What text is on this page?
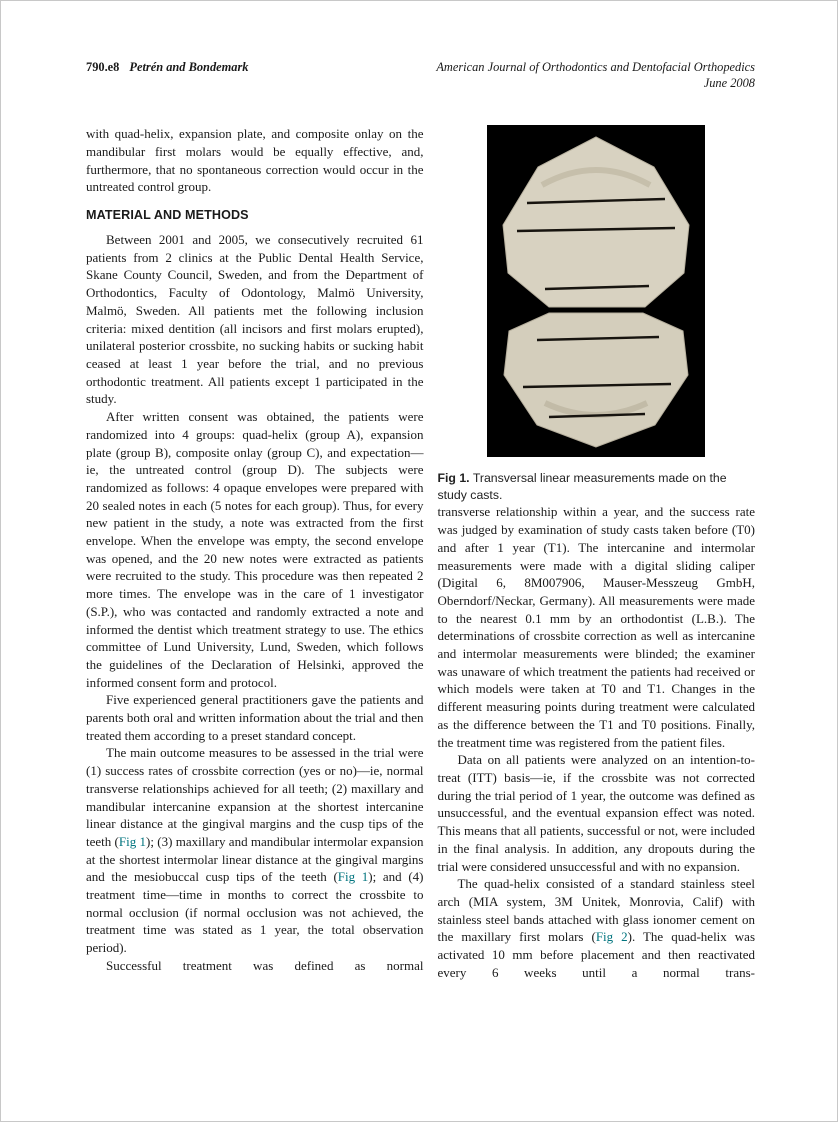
790.e8 Petrén and Bondemark	American Journal of Orthodontics and Dentofacial Orthopedics
June 2008

with quad-helix, expansion plate, and composite onlay on the mandibular first molars would be equally effective, and, furthermore, that no spontaneous correction would occur in the untreated control group.

MATERIAL AND METHODS

Between 2001 and 2005, we consecutively recruited 61 patients from 2 clinics at the Public Dental Health Service, Skane County Council, Sweden, and from the Department of Orthodontics, Faculty of Odontology, Malmö University, Malmö, Sweden. All patients met the following inclusion criteria: mixed dentition (all incisors and first molars erupted), unilateral posterior crossbite, no sucking habits or sucking habit ceased at least 1 year before the trial, and no previous orthodontic treatment. All patients except 1 participated in the study.

After written consent was obtained, the patients were randomized into 4 groups: quad-helix (group A), expansion plate (group B), composite onlay (group C), and expectation—ie, the untreated control (group D). The subjects were randomized as follows: 4 opaque envelopes were prepared with 20 sealed notes in each (5 notes for each group). Thus, for every new patient in the study, a note was extracted from the first envelope. When the envelope was empty, the second envelope was opened, and the 20 new notes were extracted as patients were recruited to the study. This procedure was then repeated 2 more times. The envelope was in the care of 1 investigator (S.P.), who was contacted and randomly extracted a note and informed the dentist which treatment strategy to use. The ethics committee of Lund University, Lund, Sweden, which follows the guidelines of the Declaration of Helsinki, approved the informed consent form and protocol.

Five experienced general practitioners gave the patients and parents both oral and written information about the trial and then treated them according to a preset standard concept.

The main outcome measures to be assessed in the trial were (1) success rates of crossbite correction (yes or no)—ie, normal transverse relationships achieved for all teeth; (2) maxillary and mandibular intercanine expansion at the shortest intercanine linear distance at the gingival margins and the cusp tips of the teeth (Fig 1); (3) maxillary and mandibular intermolar expansion at the shortest intermolar linear distance at the gingival margins and the mesiobuccal cusp tips of the teeth (Fig 1); and (4) treatment time—time in months to correct the crossbite to normal occlusion (if normal occlusion was not achieved, the treatment time was stated as 1 year, the total observation period).

Successful treatment was defined as normal

Fig 1. Transversal linear measurements made on the study casts.

transverse relationship within a year, and the success rate was judged by examination of study casts taken before (T0) and after 1 year (T1). The intercanine and intermolar measurements were made with a digital sliding caliper (Digital 6, 8M007906, Mauser-Messzeug GmbH, Oberndorf/Neckar, Germany). All measurements were made to the nearest 0.1 mm by an orthodontist (L.B.). The determinations of crossbite correction as well as intercanine and intermolar measurements were blinded; the examiner was unaware of which treatment the patients had received or which models were taken at T0 and T1. Changes in the different measuring points during treatment were calculated as the difference between the T1 and T0 positions. Finally, the treatment time was registered from the patient files.

Data on all patients were analyzed on an intention-to-treat (ITT) basis—ie, if the crossbite was not corrected during the trial period of 1 year, the outcome was defined as unsuccessful, and the eventual expansion effect was noted. This means that all patients, successful or not, were included in the final analysis. In addition, any dropouts during the trial were considered unsuccessful and with no expansion.

The quad-helix consisted of a standard stainless steel arch (MIA system, 3M Unitek, Monrovia, Calif) with stainless steel bands attached with glass ionomer cement on the maxillary first molars (Fig 2). The quad-helix was activated 10 mm before placement and then reactivated every 6 weeks until a normal trans-
